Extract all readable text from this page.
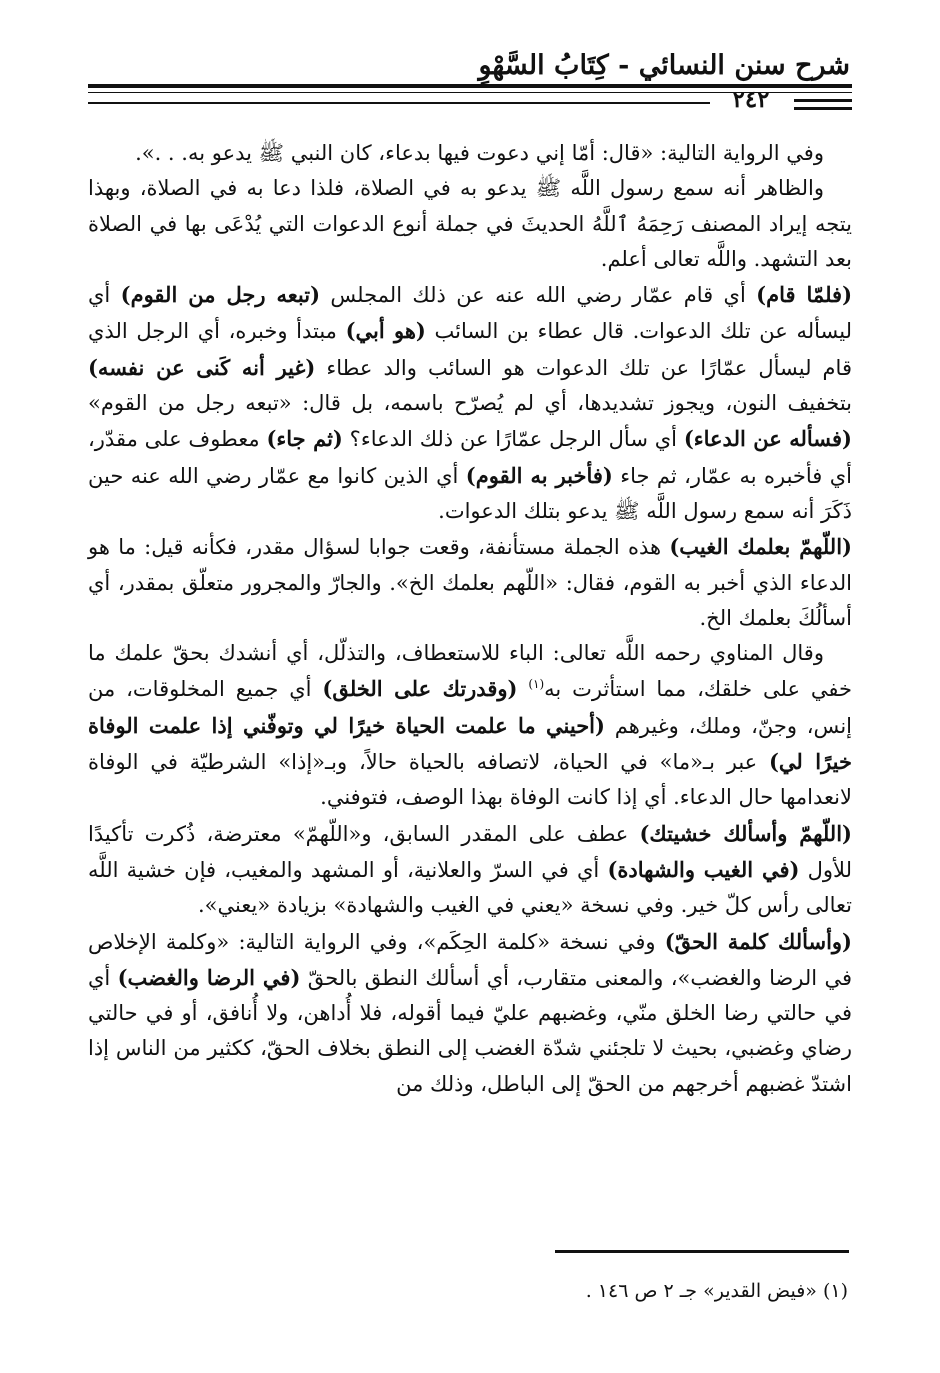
شرح سنن النسائي - كِتَابُ السَّهْوِ
٢٤٢

وفي الرواية التالية: «قال: أمّا إني دعوت فيها بدعاء، كان النبي ﷺ يدعو به. . .».

والظاهر أنه سمع رسول اللَّه ﷺ يدعو به في الصلاة، فلذا دعا به في الصلاة، وبهذا يتجه إيراد المصنف رَحِمَهُ ٱللَّهُ الحديثَ في جملة أنوع الدعوات التي يُدْعَى بها في الصلاة بعد التشهد. واللَّه تعالى أعلم.

(فلمّا قام) أي قام عمّار رضي الله عنه عن ذلك المجلس (تبعه رجل من القوم) أي ليسأله عن تلك الدعوات. قال عطاء بن السائب (هو أبي) مبتدأ وخبره، أي الرجل الذي قام ليسأل عمّارًا عن تلك الدعوات هو السائب والد عطاء (غير أنه كَنى عن نفسه) بتخفيف النون، ويجوز تشديدها، أي لم يُصرّح باسمه، بل قال: «تبعه رجل من القوم» (فسأله عن الدعاء) أي سأل الرجل عمّارًا عن ذلك الدعاء؟ (ثم جاء) معطوف على مقدّر، أي فأخبره به عمّار، ثم جاء (فأخبر به القوم) أي الذين كانوا مع عمّار رضي الله عنه حين ذَكَرَ أنه سمع رسول اللَّه ﷺ يدعو بتلك الدعوات.

(اللّهمّ بعلمك الغيب) هذه الجملة مستأنفة، وقعت جوابا لسؤال مقدر، فكأنه قيل: ما هو الدعاء الذي أخبر به القوم، فقال: «اللّهم بعلمك الخ». والجارّ والمجرور متعلّق بمقدر، أي أسألُكَ بعلمك الخ.

وقال المناوي رحمه اللَّه تعالى: الباء للاستعطاف، والتذلّل، أي أنشدك بحقّ علمك ما خفي على خلقك، مما استأثرت به$^{(١)}$ (وقدرتك على الخلق) أي جميع المخلوقات، من إنس، وجنّ، وملك، وغيرهم (أحيني ما علمت الحياة خيرًا لي وتوفّني إذا علمت الوفاة خيرًا لي) عبر بـ«ما» في الحياة، لاتصافه بالحياة حالاً، وبـ«إذا» الشرطيّة في الوفاة لانعدامها حال الدعاء. أي إذا كانت الوفاة بهذا الوصف، فتوفني.

(اللّهمّ وأسألك خشيتك) عطف على المقدر السابق، و«اللّهمّ» معترضة، ذُكرت تأكيدًا للأول (في الغيب والشهادة) أي في السرّ والعلانية، أو المشهد والمغيب، فإن خشية اللَّه تعالى رأس كلّ خير. وفي نسخة «يعني في الغيب والشهادة» بزيادة «يعني».

(وأسألك كلمة الحقّ) وفي نسخة «كلمة الحِكَم»، وفي الرواية التالية: «وكلمة الإخلاص في الرضا والغضب»، والمعنى متقارب، أي أسألك النطق بالحقّ (في الرضا والغضب) أي في حالتي رضا الخلق منّي، وغضبهم عليّ فيما أقوله، فلا أُداهن، ولا أُنافق، أو في حالتي رضاي وغضبي، بحيث لا تلجئني شدّة الغضب إلى النطق بخلاف الحقّ، ككثير من الناس إذا اشتدّ غضبهم أخرجهم من الحقّ إلى الباطل، وذلك من

(١) «فيض القدير» جـ ٢ ص ١٤٦ .
